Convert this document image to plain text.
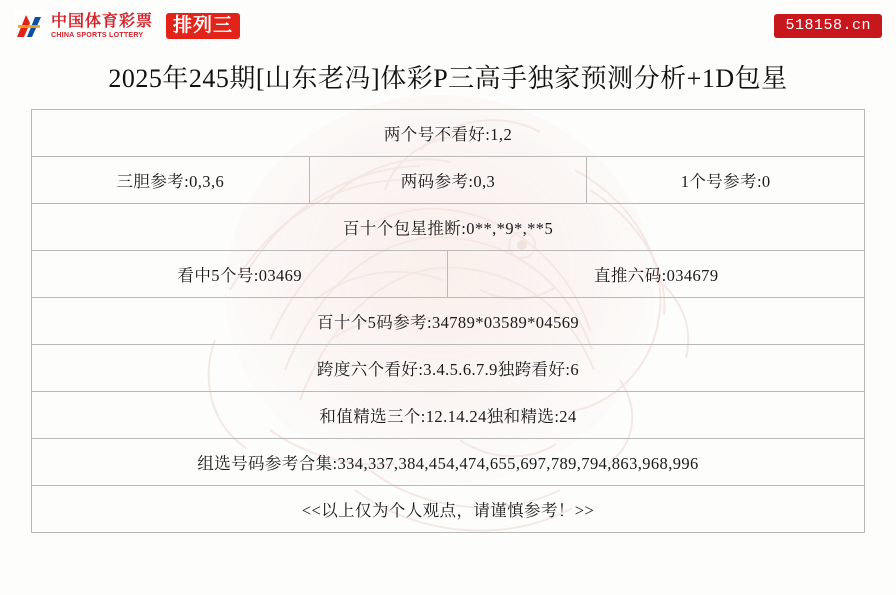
中国体育彩票
CHINA SPORTS LOTTERY	排列三	518158.cn
2025年245期[山东老冯]体彩P三高手独家预测分析+1D包星
两个号不看好:1,2			
三胆参考:0,3,6	两码参考:0,3		1个号参考:0
百十个包星推断:0**,*9*,**5			
看中5个号:03469		直推六码:034679	
百十个5码参考:34789*03589*04569			
跨度六个看好:3.4.5.6.7.9独跨看好:6			
和值精选三个:12.14.24独和精选:24			
组选号码参考合集:334,337,384,454,474,655,697,789,794,863,968,996			
<<以上仅为个人观点，请谨慎参考！>>			
